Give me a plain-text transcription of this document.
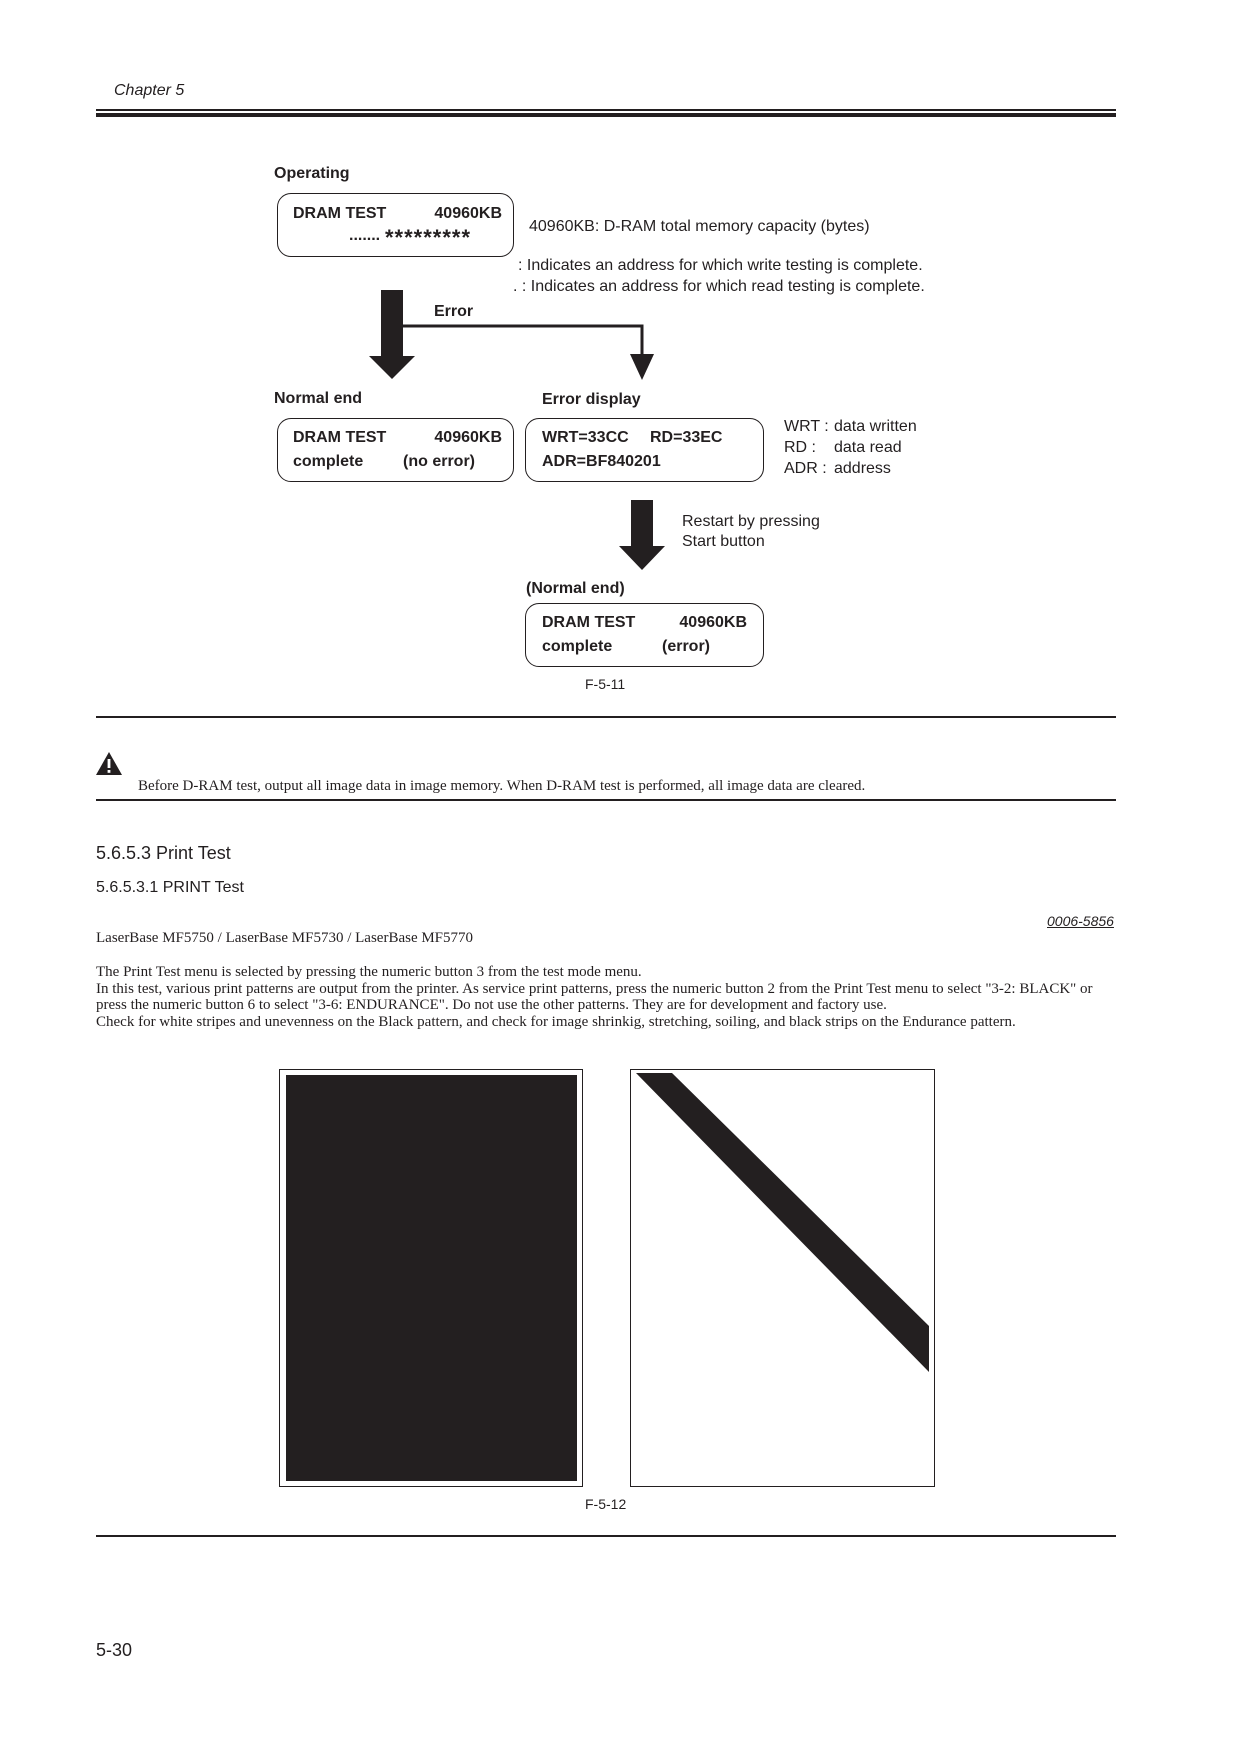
Chapter 5
Operating
DRAM TEST	40960KB
....... *********	40960KB: D-RAM total memory capacity (bytes)
: Indicates an address for which write testing is complete.
. : Indicates an address for which read testing is complete.
Error
Normal end
DRAM TEST	40960KB
complete (no error)
Error display
WRT=33CC RD=33EC
ADR=BF840201
WRT : data written
RD : data read
ADR : address
Restart by pressing
Start button
(Normal end)
DRAM TEST	40960KB
complete	(error)
F-5-11
Before D-RAM test, output all image data in image memory. When D-RAM test is performed, all image data are cleared.
5.6.5.3 Print Test
5.6.5.3.1 PRINT Test
0006-5856
LaserBase MF5750 / LaserBase MF5730 / LaserBase MF5770
The Print Test menu is selected by pressing the numeric button 3 from the test mode menu.
In this test, various print patterns are output from the printer. As service print patterns, press the numeric button 2 from the Print Test menu to select "3-2: BLACK" or press the numeric button 6 to select "3-6: ENDURANCE". Do not use the other patterns. They are for development and factory use.
Check for white stripes and unevenness on the Black pattern, and check for image shrinkig, stretching, soiling, and black strips on the Endurance pattern.
F-5-12
5-30
